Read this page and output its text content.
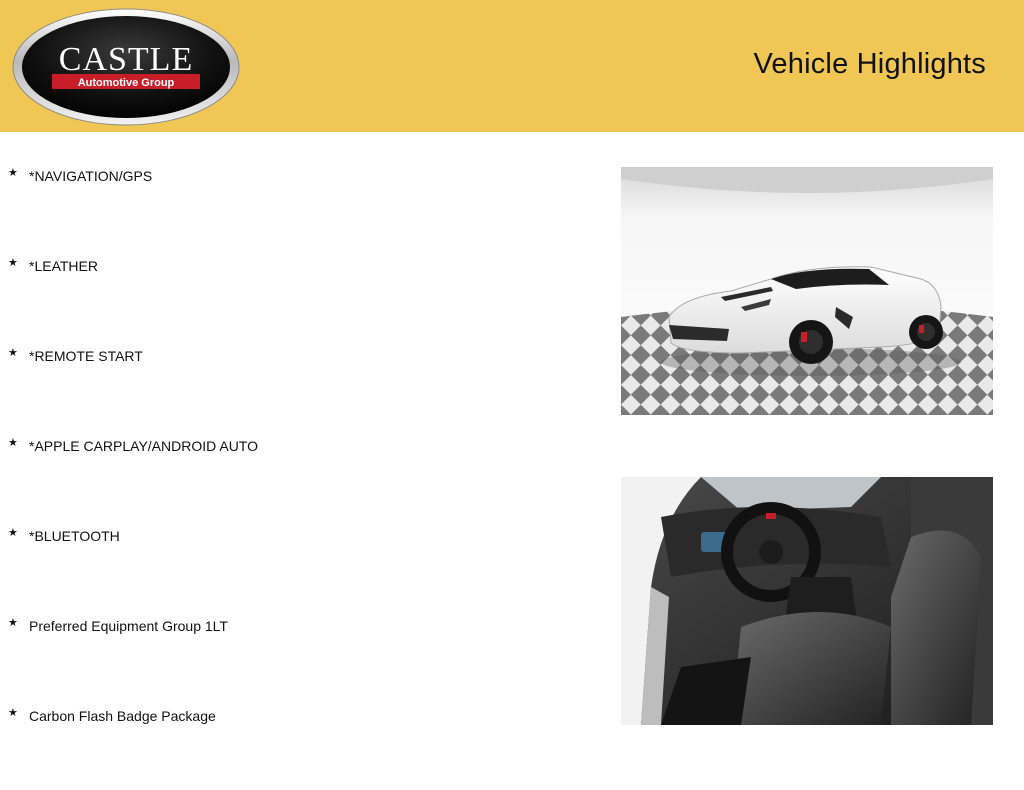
CASTLE
Automotive Group
Vehicle Highlights
★ *NAVIGATION/GPS
★ *LEATHER
★ *REMOTE START
★ *APPLE CARPLAY/ANDROID AUTO
★ *BLUETOOTH
★ Preferred Equipment Group 1LT
★ Carbon Flash Badge Package
